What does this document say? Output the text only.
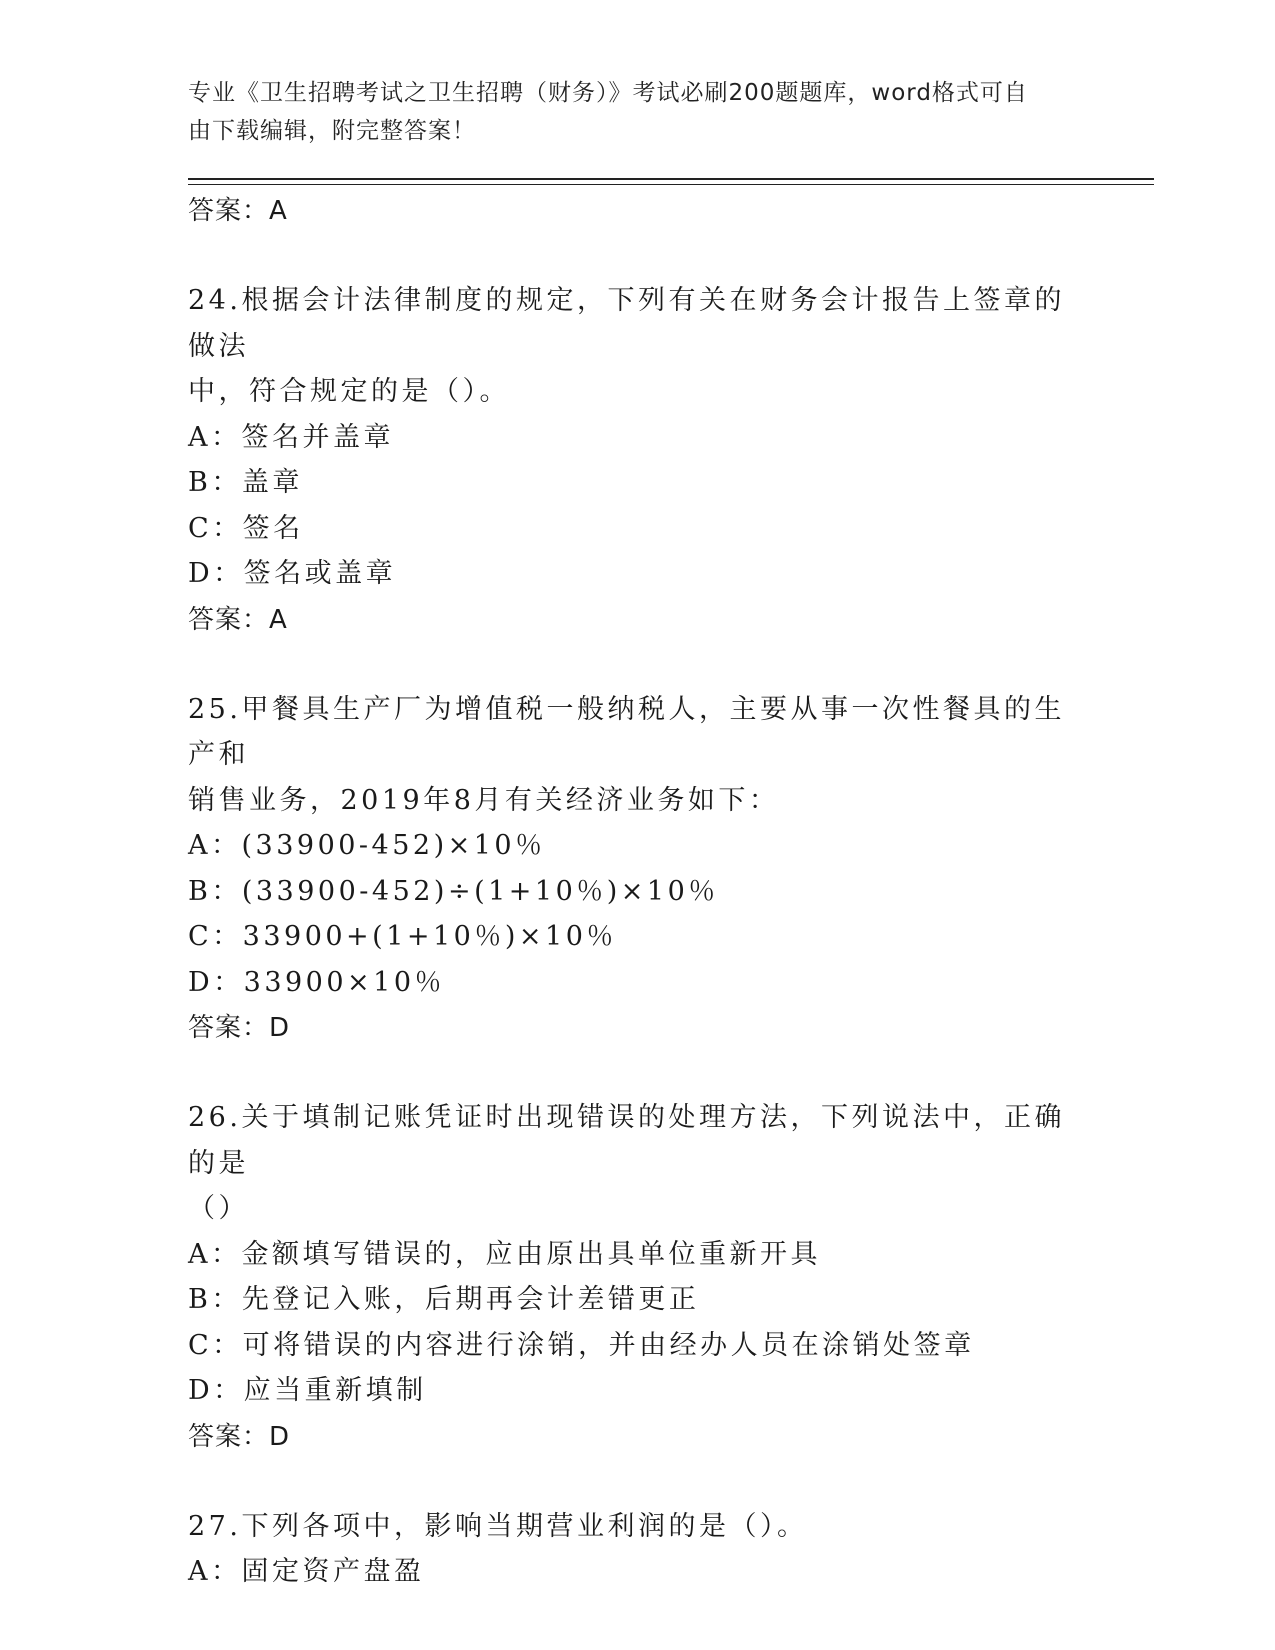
专业《卫生招聘考试之卫生招聘（财务）》考试必刷200题题库，word格式可自
由下载编辑，附完整答案！
答案：A
24.根据会计法律制度的规定，下列有关在财务会计报告上签章的做法
中，符合规定的是（）。
A：签名并盖章
B：盖章
C：签名
D：签名或盖章
答案：A
25.甲餐具生产厂为增值税一般纳税人，主要从事一次性餐具的生产和
销售业务，2019年8月有关经济业务如下：
A：(33900-452)×10％
B：(33900-452)÷(1+10％)×10％
C：33900+(1+10％)×10％
D：33900×10％
答案：D
26.关于填制记账凭证时出现错误的处理方法，下列说法中，正确的是
（）
A：金额填写错误的，应由原出具单位重新开具
B：先登记入账，后期再会计差错更正
C：可将错误的内容进行涂销，并由经办人员在涂销处签章
D：应当重新填制
答案：D
27.下列各项中，影响当期营业利润的是（）。
A：固定资产盘盈
